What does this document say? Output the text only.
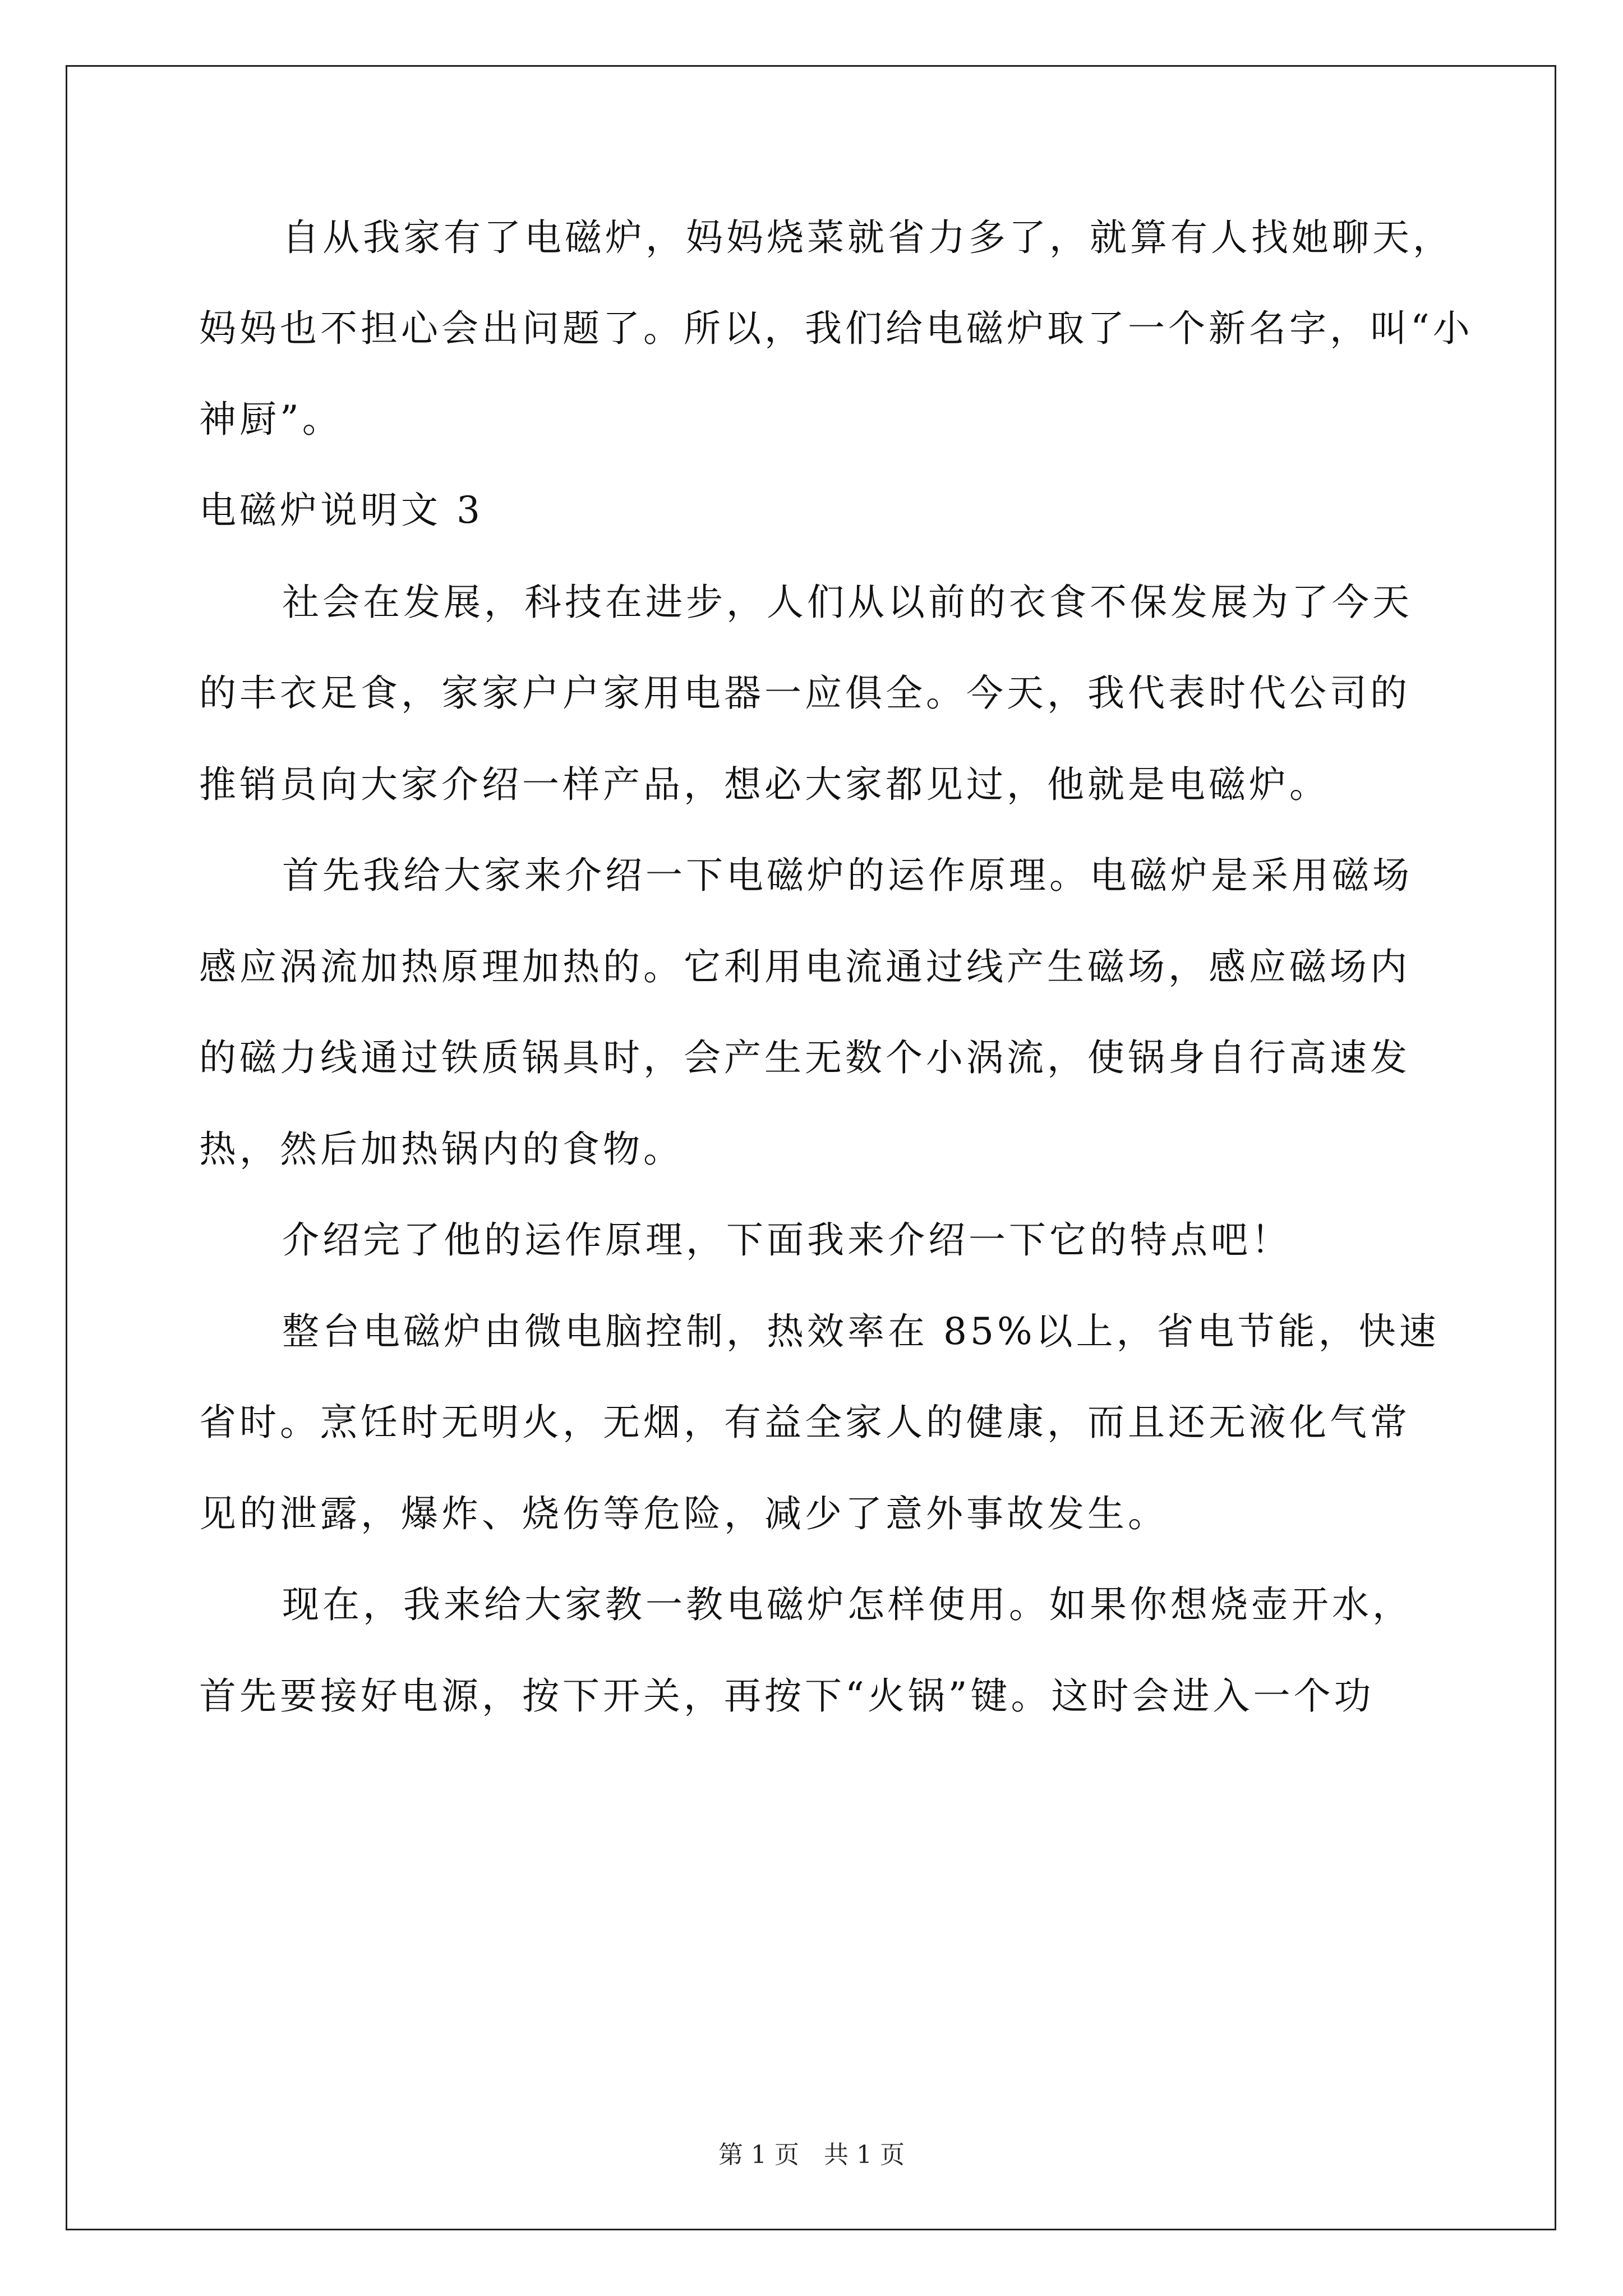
自从我家有了电磁炉，妈妈烧菜就省力多了，就算有人找她聊天，
妈妈也不担心会出问题了。所以，我们给电磁炉取了一个新名字，叫“小
神厨”。
电磁炉说明文 3
社会在发展，科技在进步，人们从以前的衣食不保发展为了今天
的丰衣足食，家家户户家用电器一应俱全。今天，我代表时代公司的
推销员向大家介绍一样产品，想必大家都见过，他就是电磁炉。
首先我给大家来介绍一下电磁炉的运作原理。电磁炉是采用磁场
感应涡流加热原理加热的。它利用电流通过线产生磁场，感应磁场内
的磁力线通过铁质锅具时，会产生无数个小涡流，使锅身自行高速发
热，然后加热锅内的食物。
介绍完了他的运作原理，下面我来介绍一下它的特点吧！
整台电磁炉由微电脑控制，热效率在 85%以上，省电节能，快速
省时。烹饪时无明火，无烟，有益全家人的健康，而且还无液化气常
见的泄露，爆炸、烧伤等危险，减少了意外事故发生。
现在，我来给大家教一教电磁炉怎样使用。如果你想烧壶开水，
首先要接好电源，按下开关，再按下“火锅”键。这时会进入一个功
第 1 页　共 1 页
